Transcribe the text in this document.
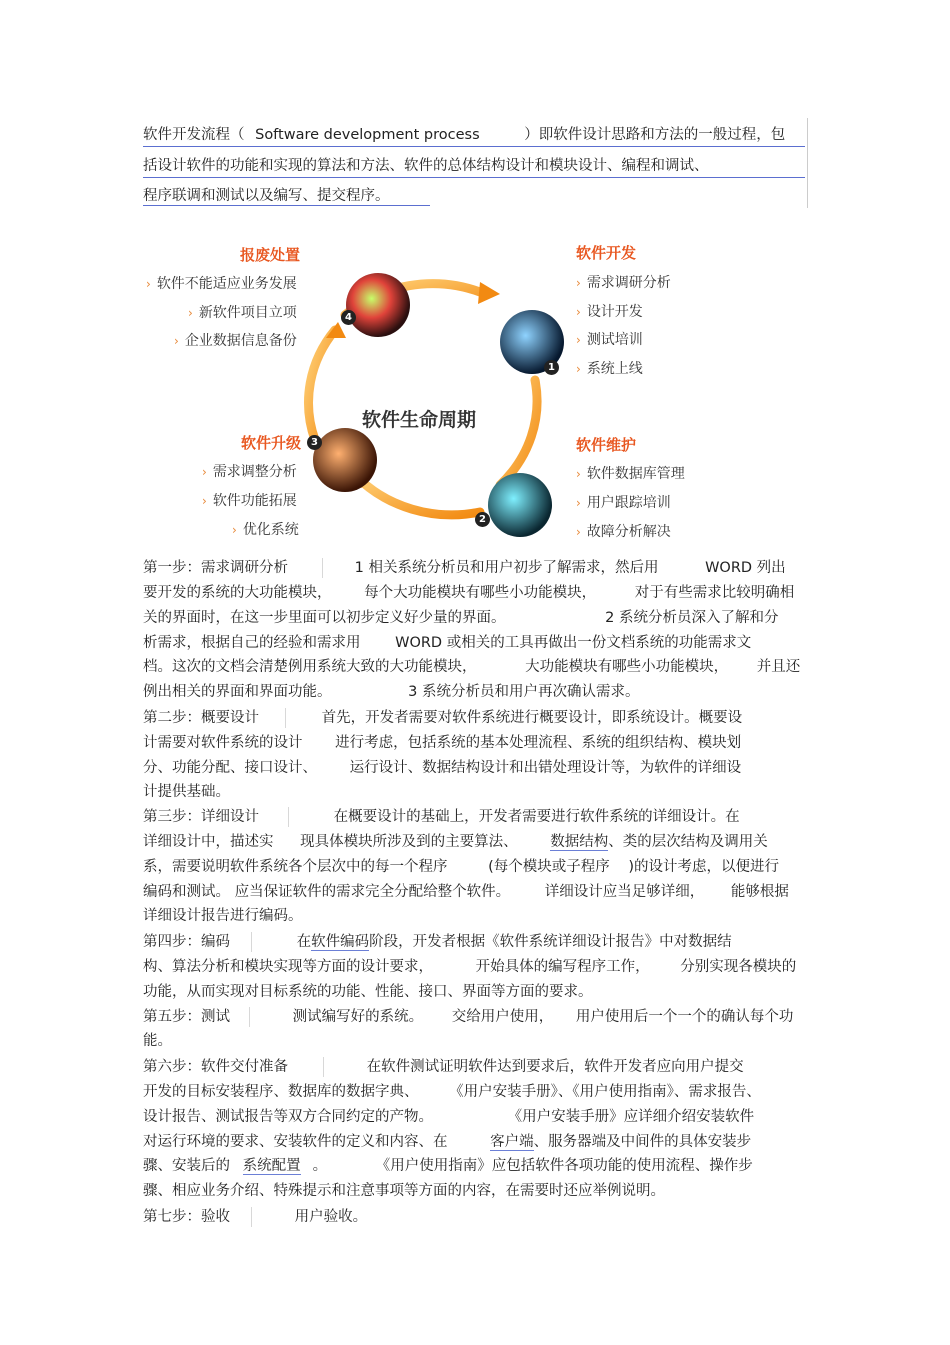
软件开发流程（ Software development process	）即软件设计思路和方法的一般过程，包
括设计软件的功能和实现的算法和方法、软件的总体结构设计和模块设计、编程和调试、
程序联调和测试以及编写、提交程序。
4
1
2
3
软件生命周期
报废处置
› 软件不能适应业务发展
› 新软件项目立项
› 企业数据信息备份
软件开发
› 需求调研分析
› 设计开发
› 测试培训
› 系统上线
软件升级
› 需求调整分析
› 软件功能拓展
› 优化系统
软件维护
› 软件数据库管理
› 用户跟踪培训
› 故障分析解决
第一步：需求调研分析	1 相关系统分析员和用户初步了解需求，然后用	WORD 列出
要开发的系统的大功能模块， 每个大功能模块有哪些小功能模块，	对于有些需求比较明确相
关的界面时，在这一步里面可以初步定义好少量的界面。	2 系统分析员深入了解和分
析需求，根据自己的经验和需求用 WORD 或相关的工具再做出一份文档系统的功能需求文
档。这次的文档会清楚例用系统大致的大功能模块，	大功能模块有哪些小功能模块， 并且还
例出相关的界面和界面功能。	3 系统分析员和用户再次确认需求。
第二步：概要设计	首先，开发者需要对软件系统进行概要设计，即系统设计。概要设
计需要对软件系统的设计 进行考虑，包括系统的基本处理流程、系统的组织结构、模块划
分、功能分配、接口设计、 运行设计、数据结构设计和出错处理设计等，为软件的详细设
计提供基础。
第三步：详细设计	在概要设计的基础上，开发者需要进行软件系统的详细设计。在
详细设计中，描述实 现具体模块所涉及到的主要算法、 数据结构、类的层次结构及调用关
系，需要说明软件系统各个层次中的每一个程序	(每个模块或子程序 )的设计考虑，以便进行
编码和测试。 应当保证软件的需求完全分配给整个软件。 详细设计应当足够详细， 能够根据
详细设计报告进行编码。
第四步：编码	在软件编码阶段，开发者根据《软件系统详细设计报告》中对数据结
构、算法分析和模块实现等方面的设计要求，	开始具体的编写程序工作， 分别实现各模块的
功能，从而实现对目标系统的功能、性能、接口、界面等方面的要求。
第五步：测试	测试编写好的系统。 交给用户使用， 用户使用后一个一个的确认每个功
能。
第六步：软件交付准备	在软件测试证明软件达到要求后，软件开发者应向用户提交
开发的目标安装程序、数据库的数据字典、 《用户安装手册》、《用户使用指南》、需求报告、
设计报告、测试报告等双方合同约定的产物。	《用户安装手册》应详细介绍安装软件
对运行环境的要求、安装软件的定义和内容、在	客户端、服务器端及中间件的具体安装步
骤、安装后的 系统配置 。	《用户使用指南》应包括软件各项功能的使用流程、操作步
骤、相应业务介绍、特殊提示和注意事项等方面的内容，在需要时还应举例说明。
第七步：验收	用户验收。
